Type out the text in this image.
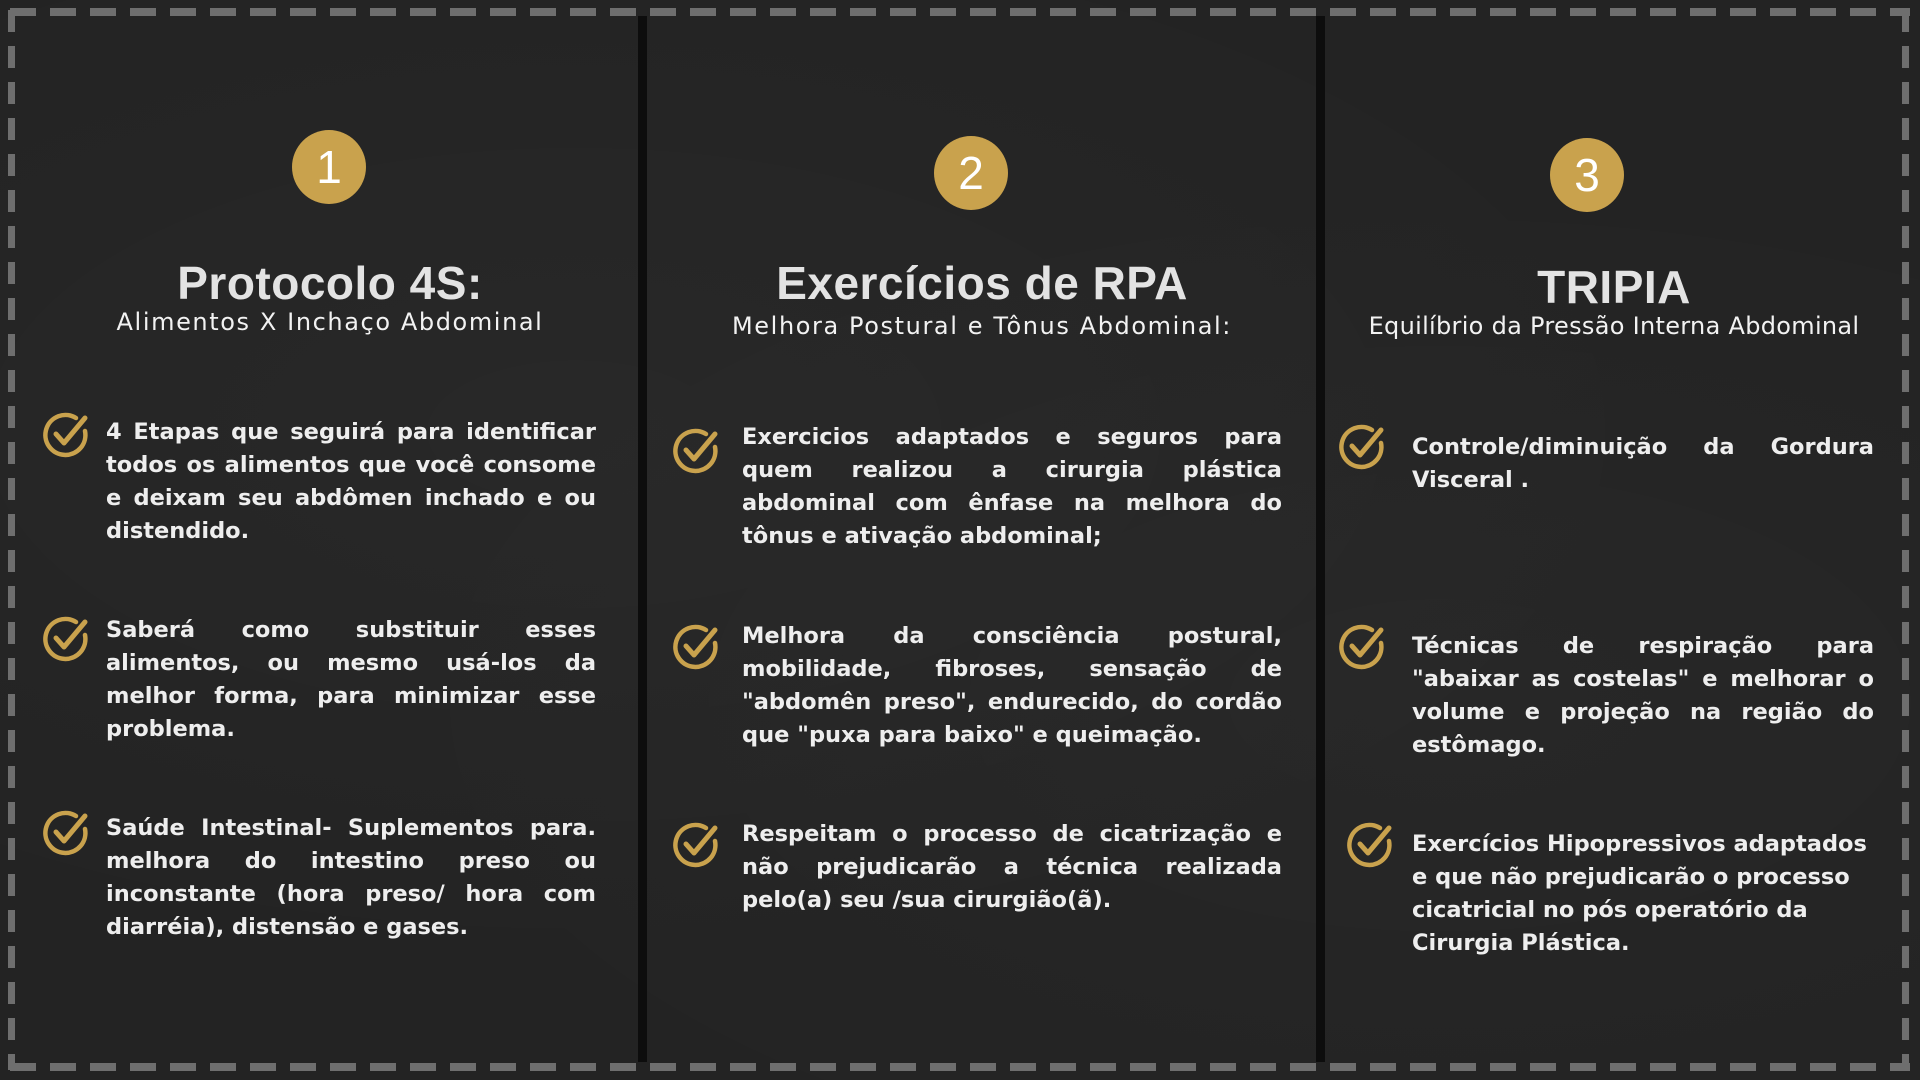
1
Protocolo 4S:
Alimentos X Inchaço Abdominal
4 Etapas que seguirá para identificar todos os alimentos que você consome e deixam seu abdômen inchado e ou distendido.
Saberá como substituir esses alimentos, ou mesmo usá-los da melhor forma, para minimizar esse problema.
Saúde Intestinal- Suplementos para. melhora do intestino preso ou inconstante (hora preso/ hora com diarréia), distensão e gases.
2
Exercícios de RPA
Melhora Postural e Tônus Abdominal:
Exercicios adaptados e seguros para quem realizou a cirurgia plástica abdominal com ênfase na melhora do tônus e ativação abdominal;
Melhora da consciência postural, mobilidade, fibroses, sensação de "abdomên preso", endurecido, do cordão que "puxa para baixo" e queimação.
Respeitam o processo de cicatrização e não prejudicarão a técnica realizada pelo(a) seu /sua cirurgião(ã).
3
TRIPIA
Equilíbrio da Pressão Interna Abdominal
Controle/diminuição da Gordura Visceral .
Técnicas de respiração para "abaixar as costelas" e melhorar o volume e projeção na região do estômago.
Exercícios Hipopressivos adaptados e que não prejudicarão o processo cicatricial no pós operatório da Cirurgia Plástica.
